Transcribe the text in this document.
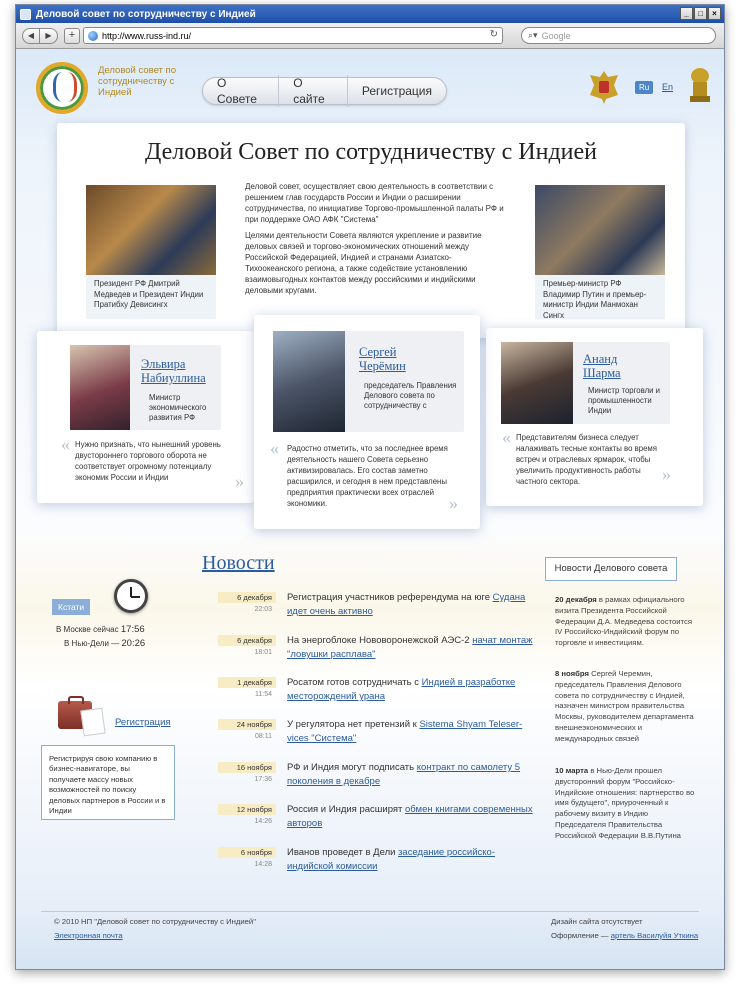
Деловой совет по сотрудничеству с Индией	_	□	×
◀	▶	+	http://www.russ-ind.ru/	↻	⌕▾ Google
Деловой совет по сотрудничеству с Индией
О Совете
О сайте
Регистрация	Ru	En
Деловой Совет по сотрудничеству с Индией
Президент РФ Дмитрий Медведев и Президент Индии Пратибху Девисингх

Деловой совет, осуществляет свою деятельность в соответствии с решением глав государств России и Индии о расширении сотрудничества, по инициативе Торгово-промышленной палаты РФ и при поддержке ОАО АФК "Система"

Целями деятельности Совета являются укрепление и развитие деловых связей и торгово-экономических отношений между Российской Федерацией, Индией и странами Азиатско-Тихоокеанского региона, а также содействие установлению взаимовыгодных контактов между российскими и индийскими деловыми кругами.

Премьер-министр РФ Владимир Путин и премьер-министр Индии Манмохан Сингх
Эльвира
Набиуллина
Министр экономического развития РФ
« Нужно признать, что нынешний уровень двустороннего торгового оборота не соответствует огромному потенциалу экономик России и Индии	»
Ананд
Шарма
Министр торговли и промышленности Индии
« Представителям бизнеса следует налаживать тесные контакты во время встреч и отраслевых ярмарок, чтобы увеличить продуктивность работы частного сектора.	»
Сергей
Черёмин
председатель Правления Делового совета по сотрудничеству с
« Радостно отметить, что за последнее время деятельность нашего Совета серьезно активизировалась. Его состав заметно расширился, и сегодня в нем представлены предприятия практически всех отраслей экономики.	»
Новости
6 декабря
22:03
Регистрация участников референдума на юге Судана идет очень активно
6 декабря
18:01
На энергоблоке Нововоронежской АЭС-2 начат монтаж "ловушки расплава"
1 декабря
11:54
Росатом готов сотрудничать с Индией в разработке месторождений урана
24 ноября
08:11
У регулятора нет претензий к Sistema Shyam Teleser-vices "Система"
16 ноября
17:36
РФ и Индия могут подписать контракт по самолету 5 поколения в декабре
12 ноября
14:26
Россия и Индия расширят обмен книгами современных авторов
6 ноября
14:28
Иванов проведет в Дели заседание российско-индийской комиссии
Кстати
В Москве сейчас 17:56
В Нью-Дели — 20:26
Регистрация
Регистрируя свою компанию в бизнес-навигаторе, вы получаете массу новых возможностей по поиску деловых партнеров в России и в Индии
Новости Делового совета
20 декабря в рамках официального визита Президента Российской Федерации Д.А. Медведева состоится IV Российско-Индийский форум по торговле и инвестициям.
8 ноября Сергей Черемин, председатель Правления Делового совета по сотрудничеству с Индией, назначен министром правительства Москвы, руководителем департамента внешнеэкономических и международных связей
10 марта в Нью-Дели прошел двусторонний форум "Российско-Индийские отношения: партнерство во имя будущего", приуроченный к рабочему визиту в Индию Председателя Правительства Российской Федерации В.В.Путина
© 2010 НП "Деловой совет по сотрудничеству с Индией"
Электронная почта
Дизайн сайта отсутствует
Оформление — артель Василуйя Уткина
